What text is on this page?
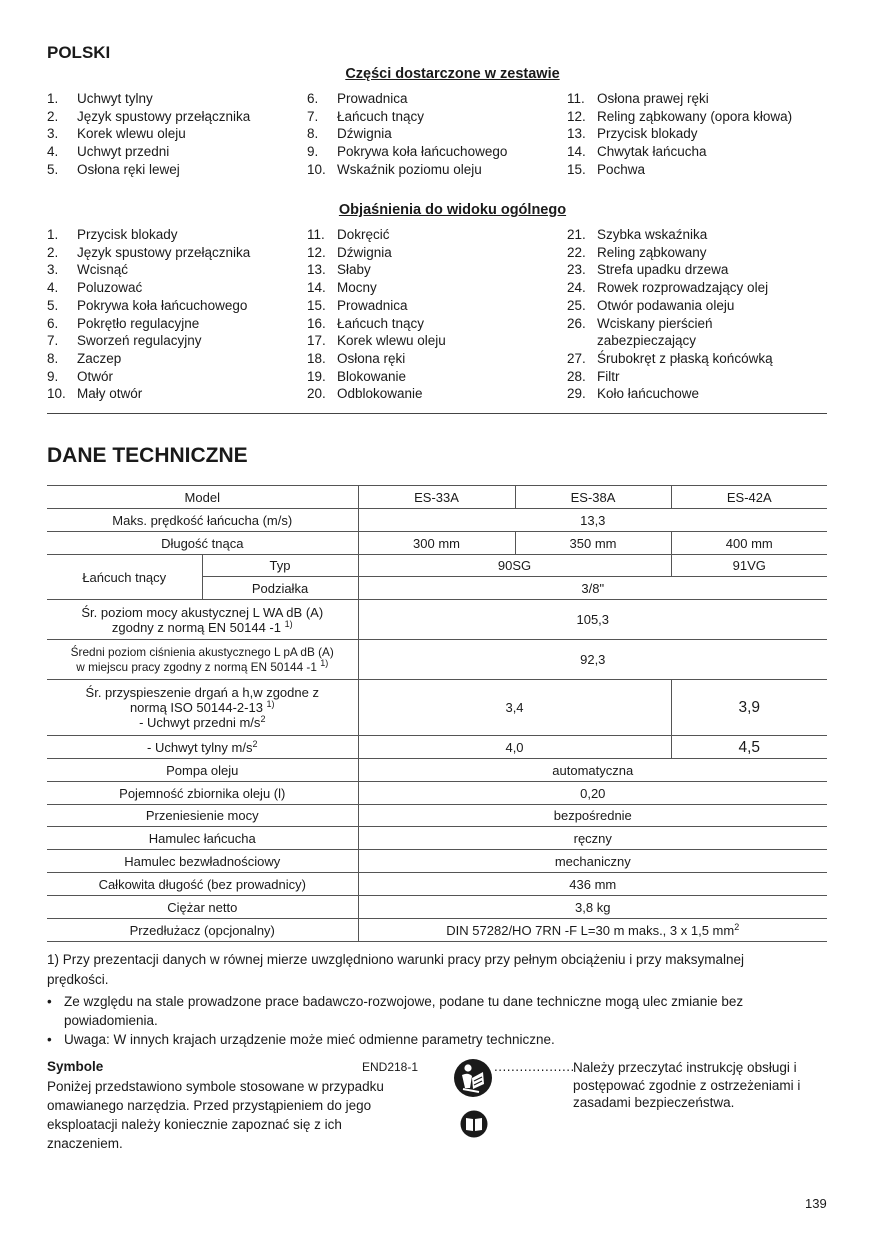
POLSKI
Części dostarczone w zestawie
1.	Uchwyt tylny
2.	Język spustowy przełącznika
3.	Korek wlewu oleju
4.	Uchwyt przedni
5.	Osłona ręki lewej
6.	Prowadnica
7.	Łańcuch tnący
8.	Dźwignia
9.	Pokrywa koła łańcuchowego
10. Wskaźnik poziomu oleju
11. Osłona prawej ręki
12. Reling ząbkowany (opora kłowa)
13. Przycisk blokady
14. Chwytak łańcucha
15. Pochwa
Objaśnienia do widoku ogólnego
1.	Przycisk blokady
2.	Język spustowy przełącznika
3.	Wcisnąć
4.	Poluzować
5.	Pokrywa koła łańcuchowego
6.	Pokrętło regulacyjne
7.	Sworzeń regulacyjny
8.	Zaczep
9.	Otwór
10. Mały otwór
11. Dokręcić
12. Dźwignia
13. Słaby
14. Mocny
15. Prowadnica
16. Łańcuch tnący
17. Korek wlewu oleju
18. Osłona ręki
19. Blokowanie
20. Odblokowanie
21. Szybka wskaźnika
22. Reling ząbkowany
23. Strefa upadku drzewa
24. Rowek rozprowadzający olej
25. Otwór podawania oleju
26. Wciskany pierścień
zabezpieczający
27. Śrubokręt z płaską końcówką
28. Filtr
29. Koło łańcuchowe
DANE TECHNICZNE
Model		ES-33A	ES-38A	ES-42A
Maks. prędkość łańcucha (m/s)		13,3		
Długość tnąca		300 mm	350 mm	400 mm
Łańcuch tnący	Typ	90SG		91VG
	Podziałka	3/8"		
Śr. poziom mocy akustycznej L WA dB (A)
zgodny z normą EN 50144 -1 $^{1)}$		105,3		
Średni poziom ciśnienia akustycznego L pA dB (A)
w miejscu pracy zgodny z normą EN 50144 -1 $^{1)}$		92,3		
Śr. przyspieszenie drgań a h,w zgodne z
normą ISO 50144-2-13 $^{1)}$
- Uchwyt przedni $m/s^2$		3,4		3,9
- Uchwyt tylny $m/s^2$		4,0		4,5
Pompa oleju		automatyczna		
Pojemność zbiornika oleju (l)		0,20		
Przeniesienie mocy		bezpośrednie		
Hamulec łańcucha		ręczny		
Hamulec bezwładnościowy		mechaniczny		
Całkowita długość (bez prowadnicy)		436 mm		
Ciężar netto		3,8 kg		
Przedłużacz (opcjonalny)		DIN 57282/HO 7RN -F L=30 m maks., 3 x 1,5 $mm^2$
1) Przy prezentacji danych w równej mierze uwzględniono warunki pracy przy pełnym obciążeniu i przy maksymalnej
prędkości.
• Ze względu na stale prowadzone prace badawczo-rozwojowe, podane tu dane techniczne mogą ulec zmianie bez
powiadomienia.
• Uwaga: W innych krajach urządzenie może mieć odmienne parametry techniczne.
Symbole	END218-1
Poniżej przedstawiono symbole stosowane w przypadku
omawianego narzędzia. Przed przystąpieniem do jego
eksploatacji należy koniecznie zapoznać się z ich
znaczeniem.
...................
Należy przeczytać instrukcję obsługi i
postępować zgodnie z ostrzeżeniami i
zasadami bezpieczeństwa.
139
